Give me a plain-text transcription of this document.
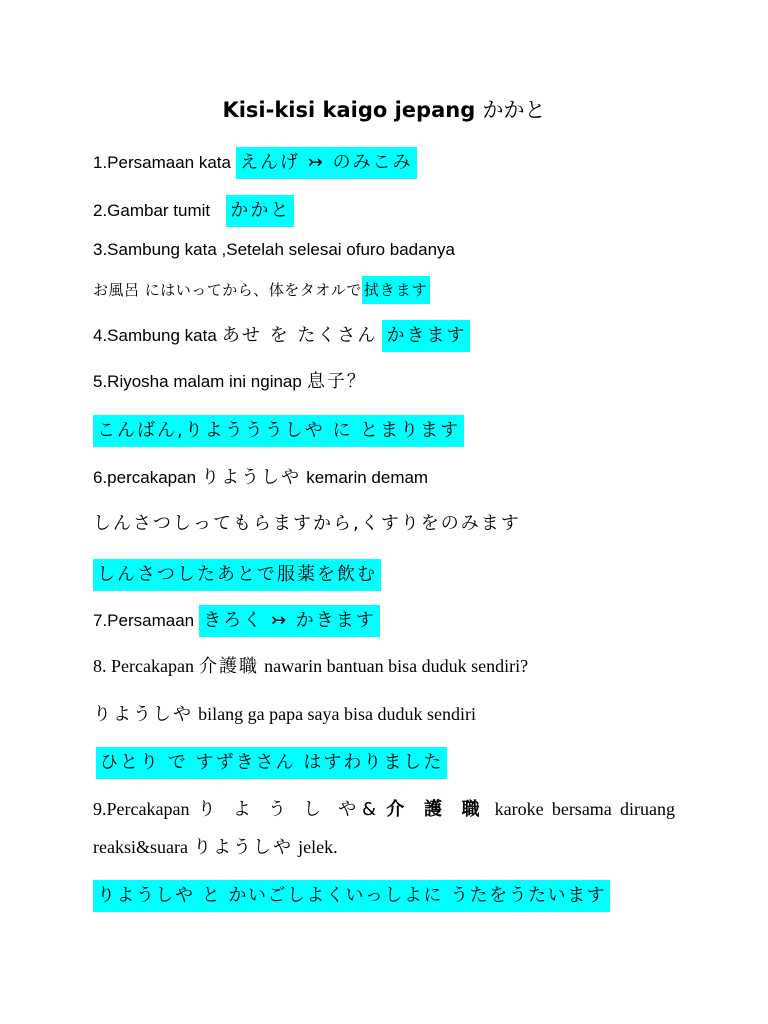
Kisi-kisi kaigo jepang かかと
1.Persamaan kata えんげ ↣ のみこみ
2.Gambar tumit かかと
3.Sambung kata ,Setelah selesai ofuro badanya
お風呂 にはいってから、体をタオルで 拭きます
4.Sambung kata あせ を たくさん かきます
5.Riyosha malam ini nginap 息子？
こんばん,りようううしや に とまります
6.percakapan りようしや kemarin demam
しんさつしってもらますから,くすりをのみます
しんさつしたあとで服薬を飲む
7.Persamaan きろく ↣ かきます
8. Percakapan 介護職 nawarin bantuan bisa duduk sendiri?
りようしや bilang ga papa saya bisa duduk sendiri
ひとり で すずきさん はすわりました
9.Percakapan り よ う し や& 介 護 職 karoke bersama diruang
reaksi&suara りようしや jelek.
りようしや と かいごしよくいっしよに うたをうたいます
